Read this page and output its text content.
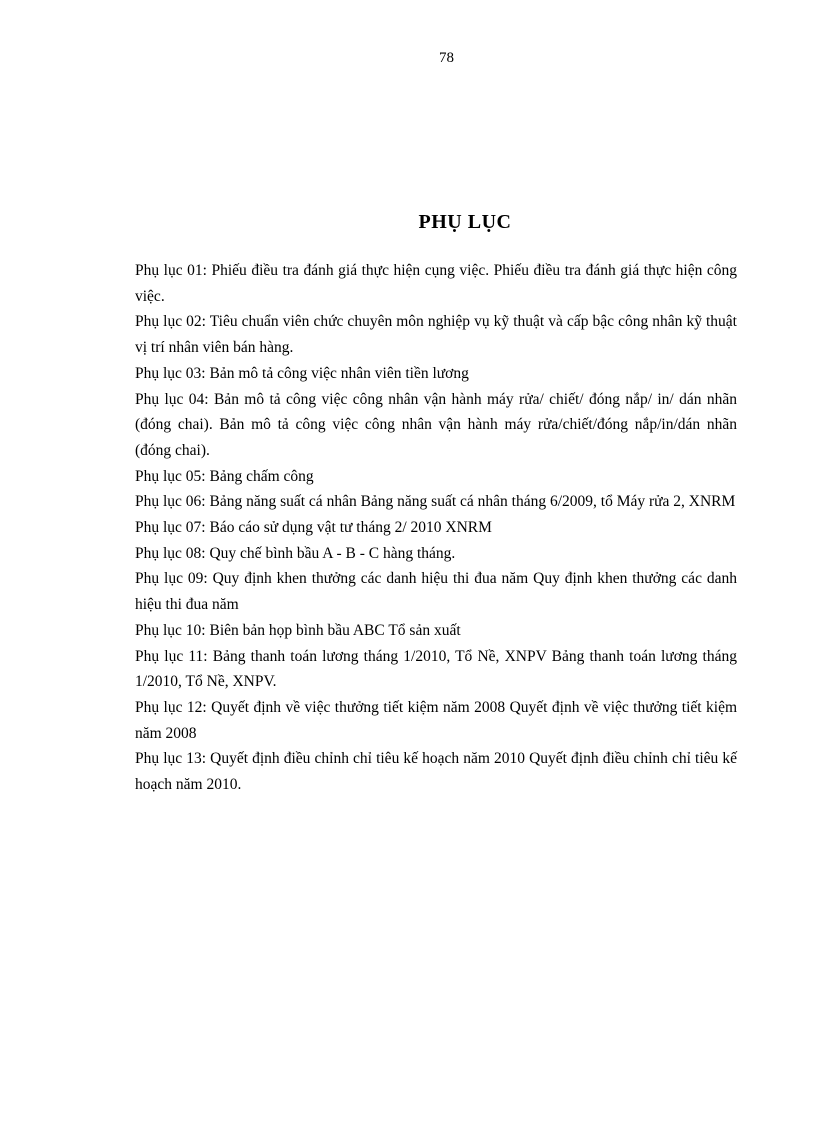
78
PHỤ LỤC
Phụ lục 01: Phiếu điều tra đánh giá thực hiện cụng việc. Phiếu điều tra đánh giá thực hiện công việc.
Phụ lục 02: Tiêu chuẩn viên chức chuyên môn nghiệp vụ kỹ thuật và cấp bậc công nhân kỹ thuật vị trí nhân viên bán hàng.
Phụ lục 03: Bản mô tả công việc nhân viên tiền lương
Phụ lục 04: Bản mô tả công việc công nhân vận hành máy rửa/ chiết/ đóng nắp/ in/ dán nhãn (đóng chai). Bản mô tả công việc công nhân vận hành máy rửa/chiết/đóng nắp/in/dán nhãn (đóng chai).
Phụ lục 05: Bảng chấm công
Phụ lục 06: Bảng năng suất cá nhân Bảng năng suất cá nhân tháng 6/2009, tổ Máy rửa 2, XNRM
Phụ lục 07: Báo cáo sử dụng vật tư tháng 2/ 2010 XNRM
Phụ lục 08: Quy chế bình bầu A - B - C hàng tháng.
Phụ lục 09: Quy định khen thưởng các danh hiệu thi đua năm Quy định khen thưởng các danh hiệu thi đua năm
Phụ lục 10: Biên bản họp bình bầu ABC Tổ sản xuất
Phụ lục 11: Bảng thanh toán lương tháng 1/2010, Tổ Nề, XNPV Bảng thanh toán lương tháng 1/2010, Tổ Nề, XNPV.
Phụ lục 12: Quyết định về việc thưởng tiết kiệm năm 2008 Quyết định về việc thưởng tiết kiệm năm 2008
Phụ lục 13: Quyết định điều chỉnh chỉ tiêu kế hoạch năm 2010 Quyết định điều chỉnh chỉ tiêu kế hoạch năm 2010.
